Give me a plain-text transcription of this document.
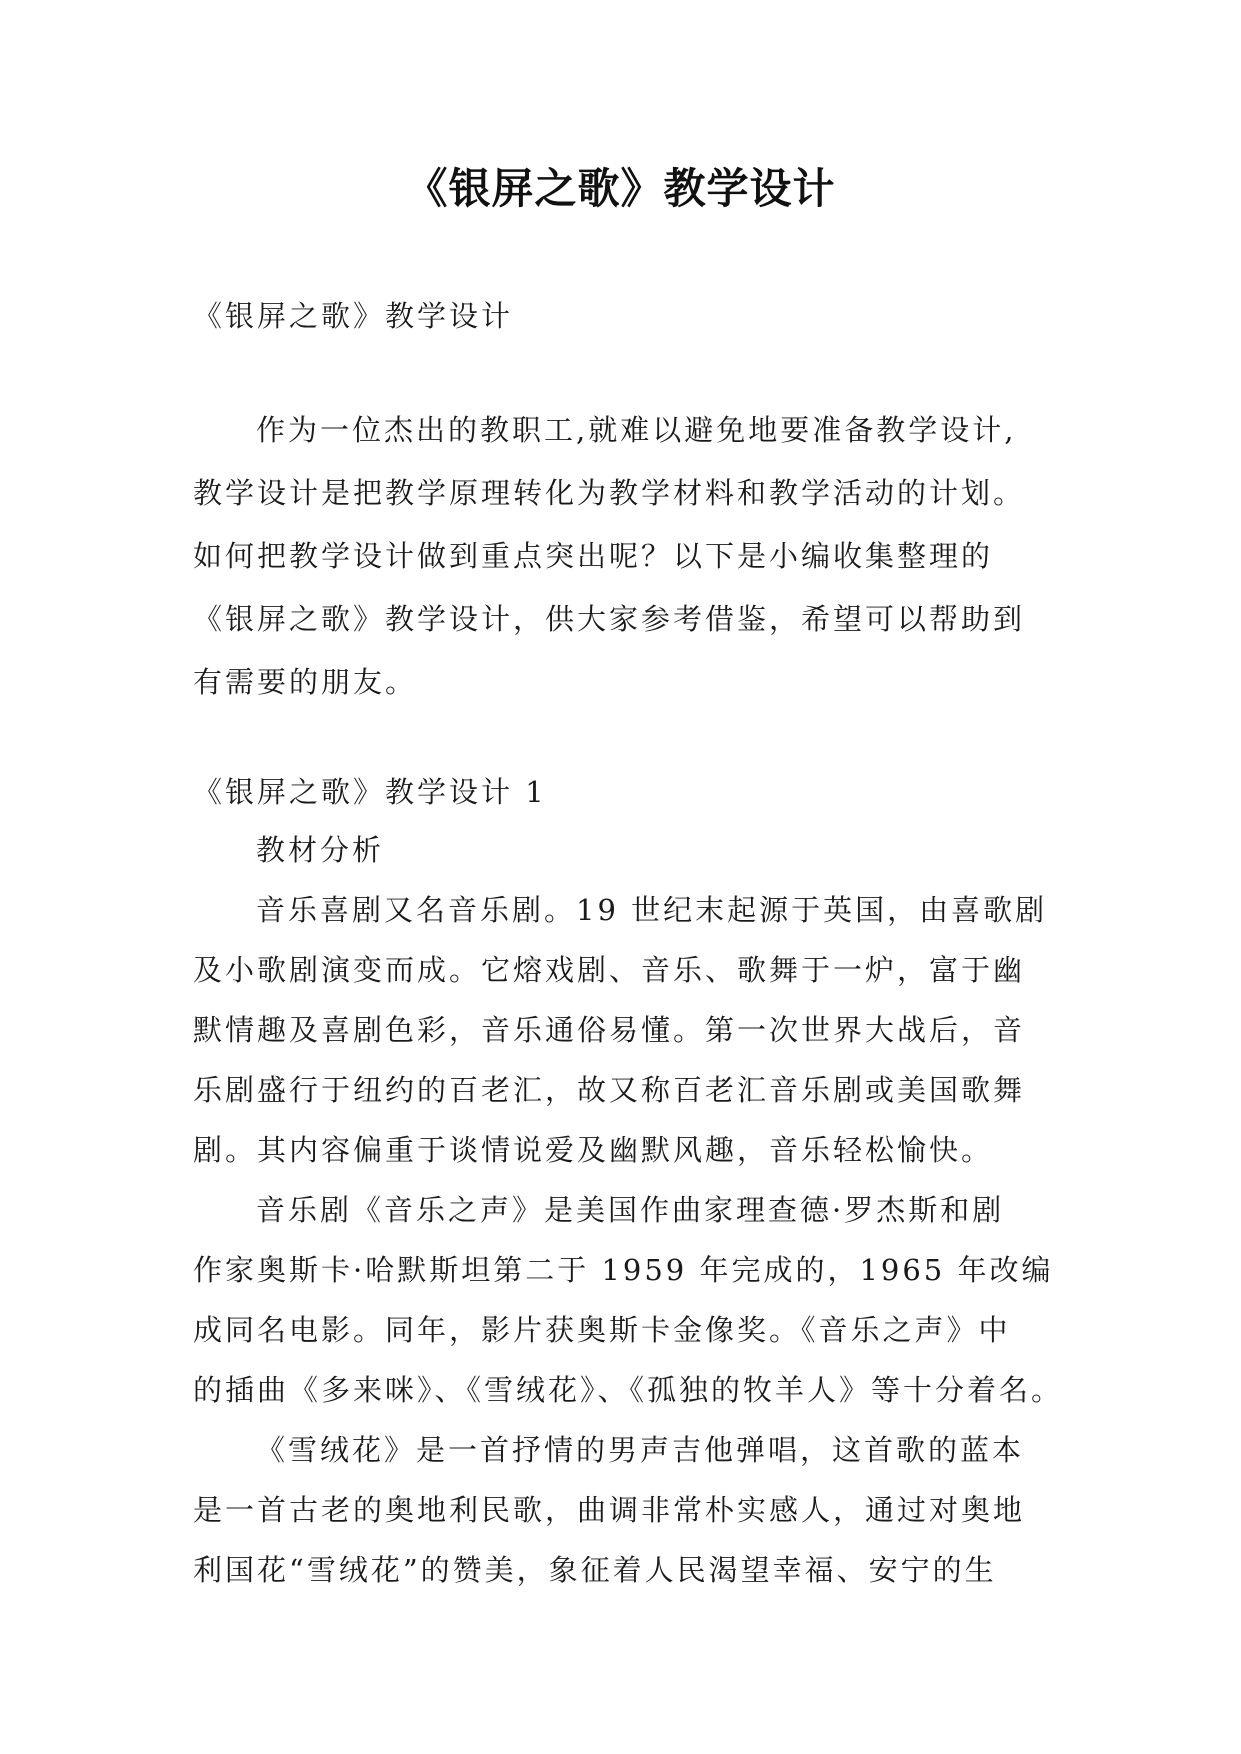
《银屏之歌》教学设计
《银屏之歌》教学设计
作为一位杰出的教职工,就难以避免地要准备教学设计,
教学设计是把教学原理转化为教学材料和教学活动的计划。
如何把教学设计做到重点突出呢？以下是小编收集整理的
《银屏之歌》教学设计，供大家参考借鉴，希望可以帮助到
有需要的朋友。
《银屏之歌》教学设计 1
教材分析
音乐喜剧又名音乐剧。19 世纪末起源于英国，由喜歌剧
及小歌剧演变而成。它熔戏剧、音乐、歌舞于一炉，富于幽
默情趣及喜剧色彩，音乐通俗易懂。第一次世界大战后，音
乐剧盛行于纽约的百老汇，故又称百老汇音乐剧或美国歌舞
剧。其内容偏重于谈情说爱及幽默风趣，音乐轻松愉快。
音乐剧《音乐之声》是美国作曲家理查德·罗杰斯和剧
作家奥斯卡·哈默斯坦第二于 1959 年完成的，1965 年改编
成同名电影。同年，影片获奥斯卡金像奖。《音乐之声》中
的插曲《多来咪》、《雪绒花》、《孤独的牧羊人》等十分着名。
《雪绒花》是一首抒情的男声吉他弹唱，这首歌的蓝本
是一首古老的奥地利民歌，曲调非常朴实感人，通过对奥地
利国花“雪绒花”的赞美，象征着人民渴望幸福、安宁的生
